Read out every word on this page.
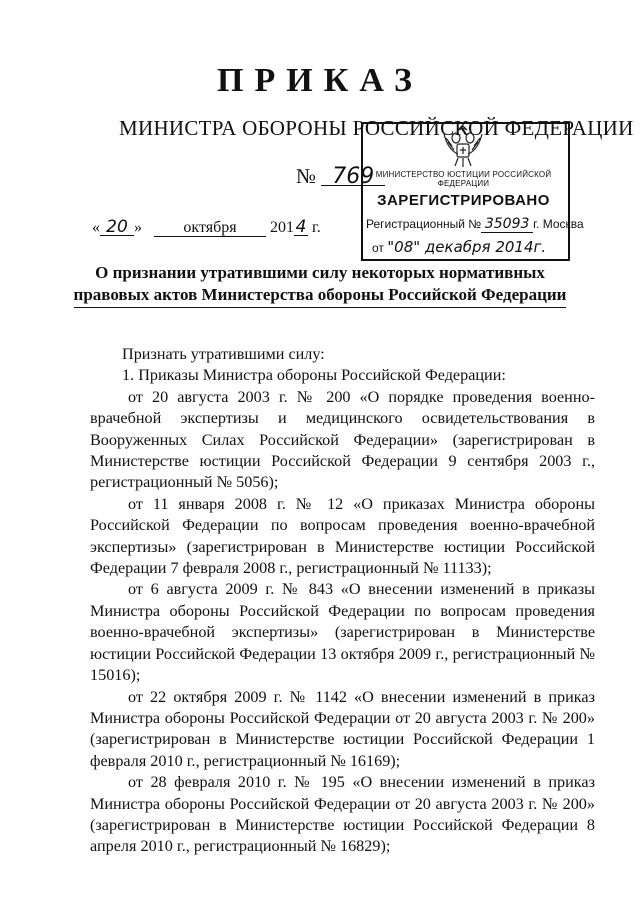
ПРИКАЗ
МИНИСТРА ОБОРОНЫ РОССИЙСКОЙ ФЕДЕРАЦИИ
№ 769
« 20 »	октября 2014 г.
МИНИСТЕРСТВО ЮСТИЦИИ РОССИЙСКОЙ ФЕДЕРАЦИИ
ЗАРЕГИСТРИРОВАНО
Регистрационный № 35093 г. Москва
от "08" декабря 2014г.
О признании утратившими силу некоторых нормативных
правовых актов Министерства обороны Российской Федерации

Признать утратившими силу:

1. Приказы Министра обороны Российской Федерации:

от 20 августа 2003 г. № 200 «О порядке проведения военно-врачебной экспертизы и медицинского освидетельствования в Вооруженных Силах Российской Федерации» (зарегистрирован в Министерстве юстиции Российской Федерации 9 сентября 2003 г., регистрационный № 5056);

от 11 января 2008 г. № 12 «О приказах Министра обороны Российской Федерации по вопросам проведения военно-врачебной экспертизы» (зарегистрирован в Министерстве юстиции Российской Федерации 7 февраля 2008 г., регистрационный № 11133);

от 6 августа 2009 г. № 843 «О внесении изменений в приказы Министра обороны Российской Федерации по вопросам проведения военно-врачебной экспертизы» (зарегистрирован в Министерстве юстиции Российской Федерации 13 октября 2009 г., регистрационный № 15016);

от 22 октября 2009 г. № 1142 «О внесении изменений в приказ Министра обороны Российской Федерации от 20 августа 2003 г. № 200» (зарегистрирован в Министерстве юстиции Российской Федерации 1 февраля 2010 г., регистрационный № 16169);

от 28 февраля 2010 г. № 195 «О внесении изменений в приказ Министра обороны Российской Федерации от 20 августа 2003 г. № 200» (зарегистрирован в Министерстве юстиции Российской Федерации 8 апреля 2010 г., регистрационный № 16829);
